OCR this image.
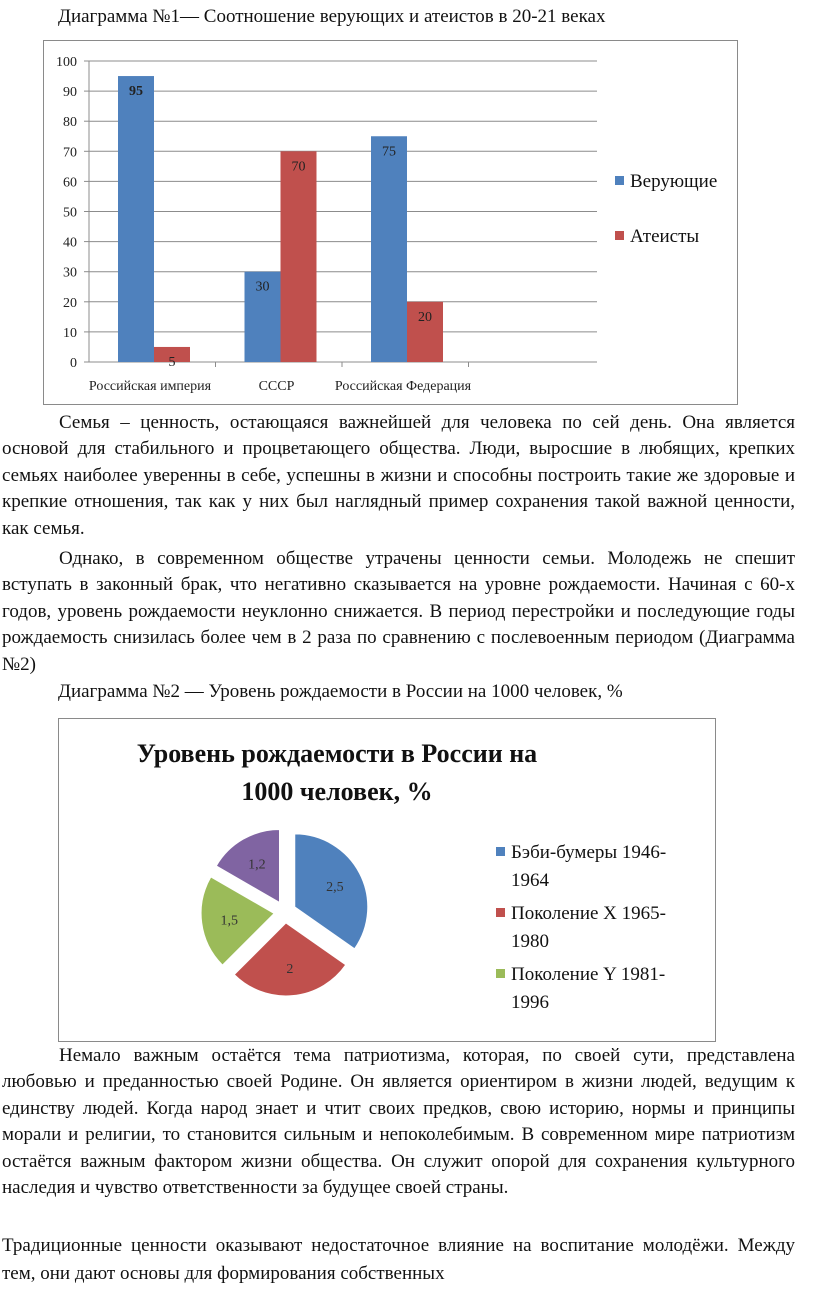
Диаграмма №1— Соотношение верующих и атеистов в 20-21 веках
0
10
20
30
40
50
60
70
80
90
100
Российская империя
95
5
СССР
30
70
Российская Федерация
75
20
Верующие
Атеисты

Семья – ценность, остающаяся важнейшей для человека по сей день. Она является основой для стабильного и процветающего общества. Люди, выросшие в любящих, крепких семьях наиболее уверенны в себе, успешны в жизни и способны построить такие же здоровые и крепкие отношения, так как у них был наглядный пример сохранения такой важной ценности, как семья.

Однако, в современном обществе утрачены ценности семьи. Молодежь не спешит вступать в законный брак, что негативно сказывается на уровне рождаемости. Начиная с 60-х годов, уровень рождаемости неуклонно снижается. В период перестройки и последующие годы рождаемость снизилась более чем в 2 раза по сравнению с послевоенным периодом (Диаграмма №2)

Диаграмма №2 — Уровень рождаемости в России на 1000 человек, %
Уровень рождаемости в России на
1000 человек, %
2,5
2
1,5
1,2
Бэби-бумеры 1946-
1964
Поколение X 1965-
1980
Поколение Y 1981-
1996

Немало важным остаётся тема патриотизма, которая, по своей сути, представлена любовью и преданностью своей Родине. Он является ориентиром в жизни людей, ведущим к единству людей. Когда народ знает и чтит своих предков, свою историю, нормы и принципы морали и религии, то становится сильным и непоколебимым. В современном мире патриотизм остаётся важным фактором жизни общества. Он служит опорой для сохранения культурного наследия и чувство ответственности за будущее своей страны.

Традиционные ценности оказывают недостаточное влияние на воспитание молодёжи. Между тем, они дают основы для формирования собственных
